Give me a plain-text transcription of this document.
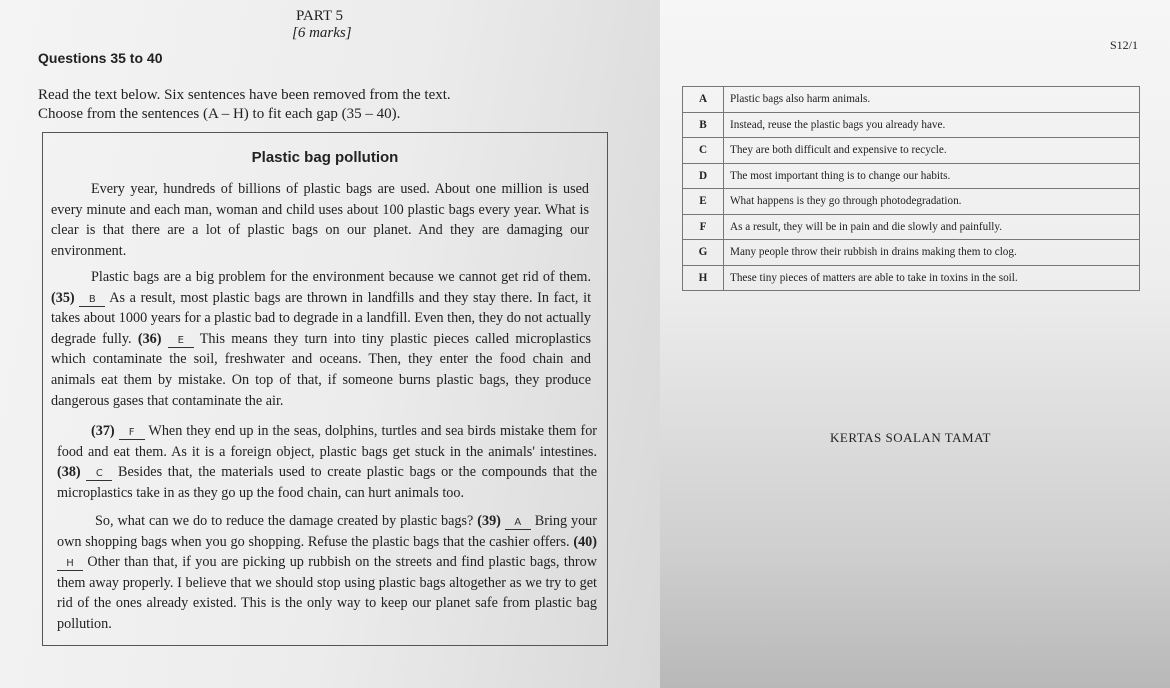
PART 5
[6 marks]
Questions 35 to 40
Read the text below. Six sentences have been removed from the text.
Choose from the sentences (A – H) to fit each gap (35 – 40).
Plastic bag pollution
Every year, hundreds of billions of plastic bags are used. About one million is used every minute and each man, woman and child uses about 100 plastic bags every year. What is clear is that there are a lot of plastic bags on our planet. And they are damaging our environment.
Plastic bags are a big problem for the environment because we cannot get rid of them. (35) B As a result, most plastic bags are thrown in landfills and they stay there. In fact, it takes about 1000 years for a plastic bad to degrade in a landfill. Even then, they do not actually degrade fully. (36) E This means they turn into tiny plastic pieces called microplastics which contaminate the soil, freshwater and oceans. Then, they enter the food chain and animals eat them by mistake. On top of that, if someone burns plastic bags, they produce dangerous gases that contaminate the air.
(37) F When they end up in the seas, dolphins, turtles and sea birds mistake them for food and eat them. As it is a foreign object, plastic bags get stuck in the animals' intestines. (38) C Besides that, the materials used to create plastic bags or the compounds that the microplastics take in as they go up the food chain, can hurt animals too.
So, what can we do to reduce the damage created by plastic bags? (39) A Bring your own shopping bags when you go shopping. Refuse the plastic bags that the cashier offers. (40) H Other than that, if you are picking up rubbish on the streets and find plastic bags, throw them away properly. I believe that we should stop using plastic bags altogether as we try to get rid of the ones already existed. This is the only way to keep our planet safe from plastic bag pollution.
S12/1
A	Plastic bags also harm animals.
B	Instead, reuse the plastic bags you already have.
C	They are both difficult and expensive to recycle.
D	The most important thing is to change our habits.
E	What happens is they go through photodegradation.
F	As a result, they will be in pain and die slowly and painfully.
G	Many people throw their rubbish in drains making them to clog.
H	These tiny pieces of matters are able to take in toxins in the soil.
KERTAS SOALAN TAMAT
